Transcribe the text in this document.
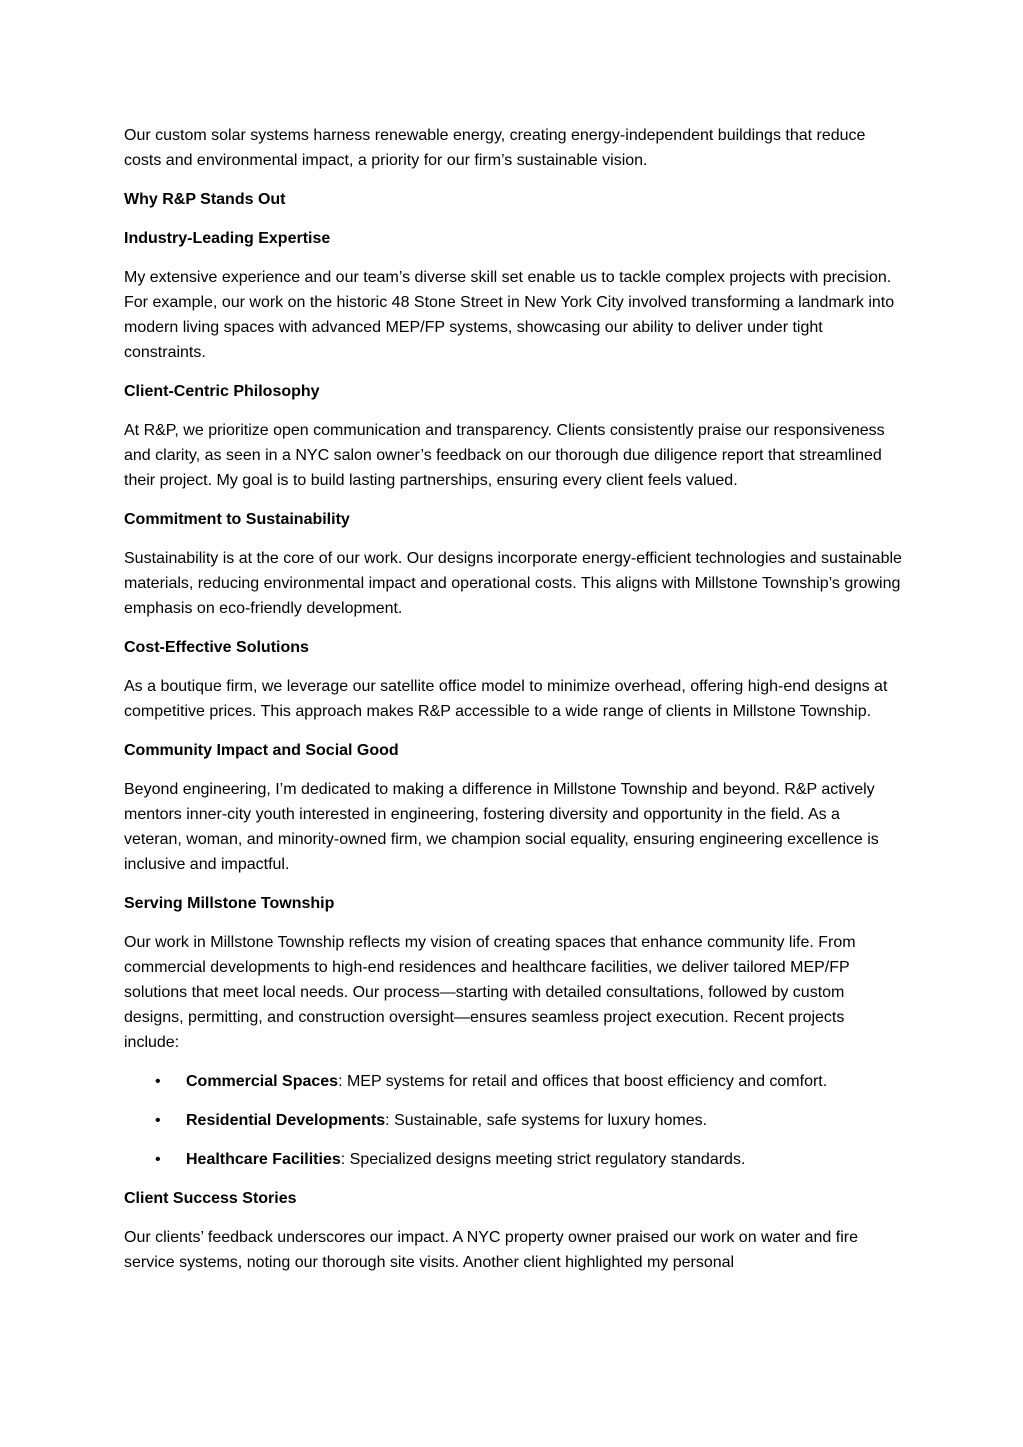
Our custom solar systems harness renewable energy, creating energy-independent buildings that reduce costs and environmental impact, a priority for our firm’s sustainable vision.

Why R&P Stands Out
Industry-Leading Expertise

My extensive experience and our team’s diverse skill set enable us to tackle complex projects with precision. For example, our work on the historic 48 Stone Street in New York City involved transforming a landmark into modern living spaces with advanced MEP/FP systems, showcasing our ability to deliver under tight constraints.

Client-Centric Philosophy

At R&P, we prioritize open communication and transparency. Clients consistently praise our responsiveness and clarity, as seen in a NYC salon owner’s feedback on our thorough due diligence report that streamlined their project. My goal is to build lasting partnerships, ensuring every client feels valued.

Commitment to Sustainability

Sustainability is at the core of our work. Our designs incorporate energy-efficient technologies and sustainable materials, reducing environmental impact and operational costs. This aligns with Millstone Township’s growing emphasis on eco-friendly development.

Cost-Effective Solutions

As a boutique firm, we leverage our satellite office model to minimize overhead, offering high-end designs at competitive prices. This approach makes R&P accessible to a wide range of clients in Millstone Township.

Community Impact and Social Good

Beyond engineering, I’m dedicated to making a difference in Millstone Township and beyond. R&P actively mentors inner-city youth interested in engineering, fostering diversity and opportunity in the field. As a veteran, woman, and minority-owned firm, we champion social equality, ensuring engineering excellence is inclusive and impactful.

Serving Millstone Township

Our work in Millstone Township reflects my vision of creating spaces that enhance community life. From commercial developments to high-end residences and healthcare facilities, we deliver tailored MEP/FP solutions that meet local needs. Our process—starting with detailed consultations, followed by custom designs, permitting, and construction oversight—ensures seamless project execution. Recent projects include:

• Commercial Spaces: MEP systems for retail and offices that boost efficiency and comfort.
• Residential Developments: Sustainable, safe systems for luxury homes.
• Healthcare Facilities: Specialized designs meeting strict regulatory standards.
Client Success Stories

Our clients’ feedback underscores our impact. A NYC property owner praised our work on water and fire service systems, noting our thorough site visits. Another client highlighted my personal
